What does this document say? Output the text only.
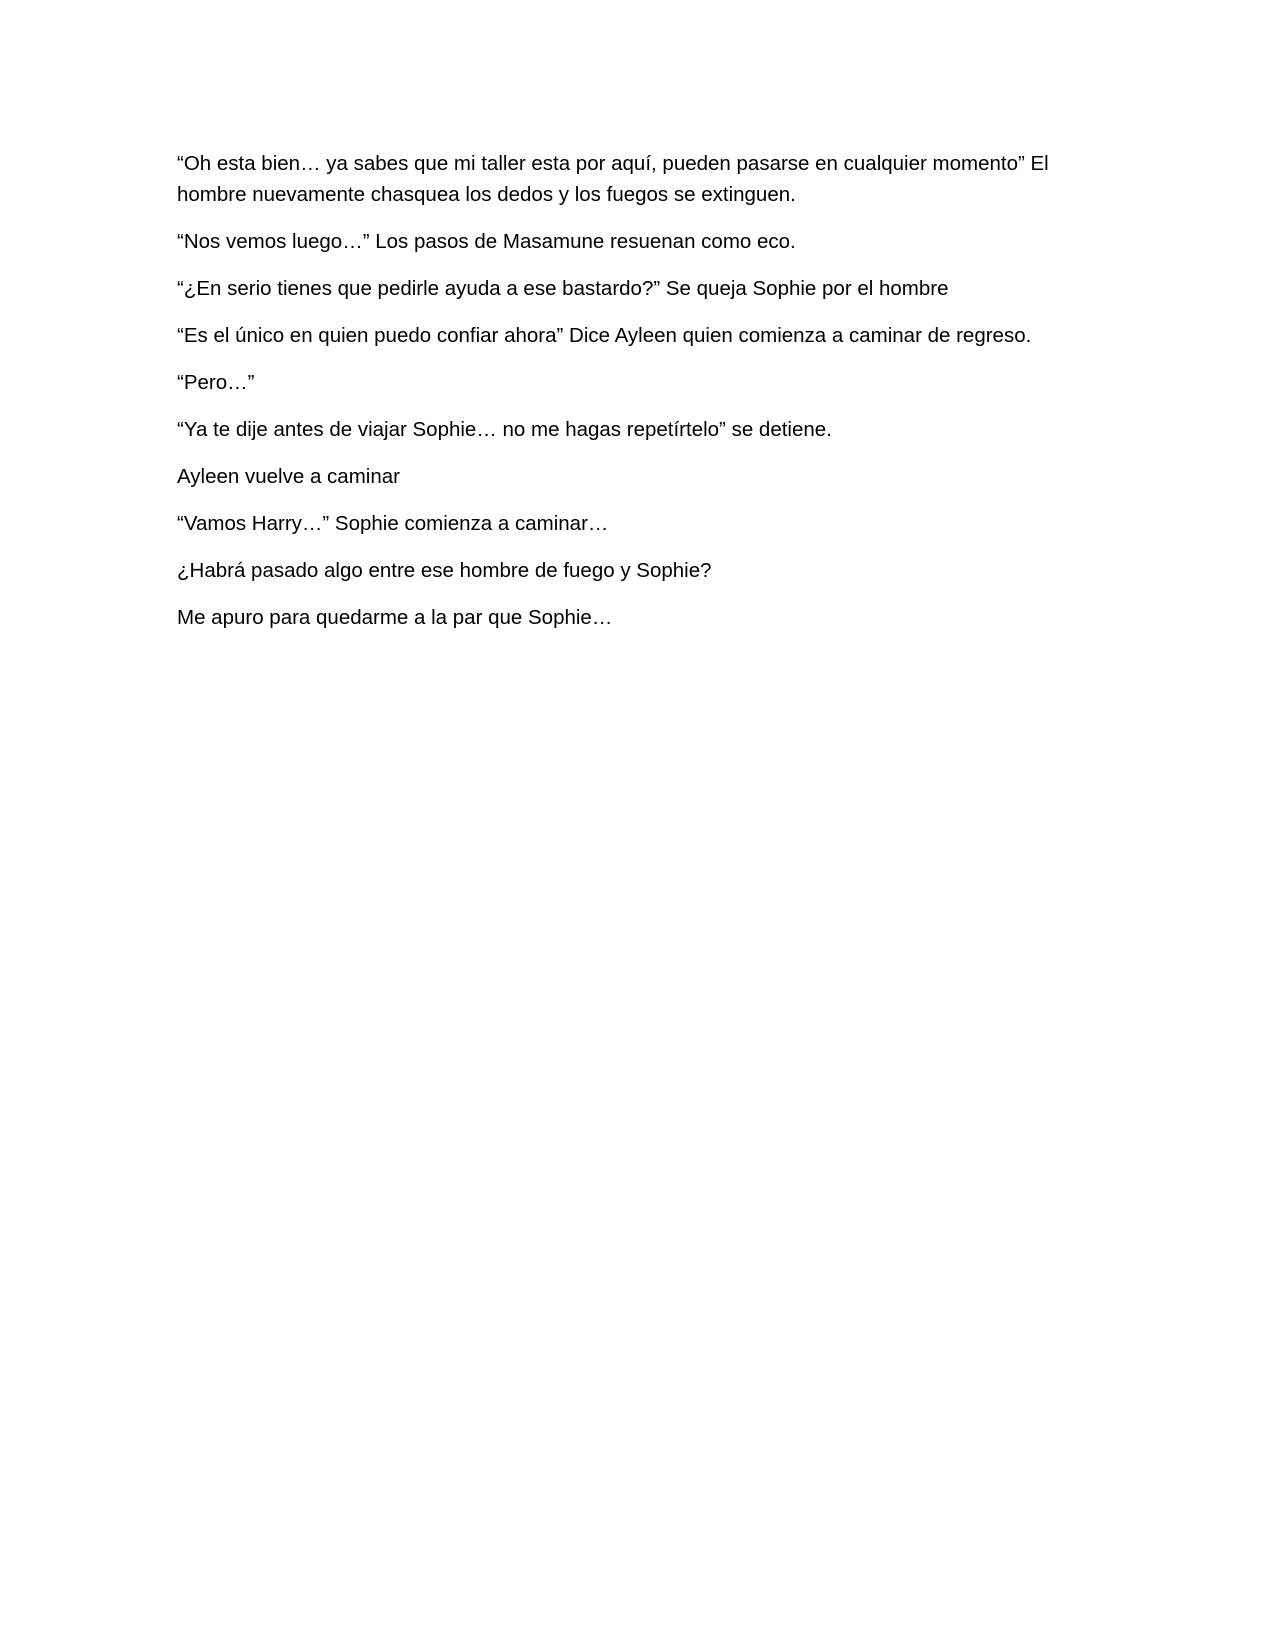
“Oh esta bien… ya sabes que mi taller esta por aquí, pueden pasarse en cualquier momento” El hombre nuevamente chasquea los dedos y los fuegos se extinguen.

“Nos vemos luego…” Los pasos de Masamune resuenan como eco.

“¿En serio tienes que pedirle ayuda a ese bastardo?” Se queja Sophie por el hombre

“Es el único en quien puedo confiar ahora” Dice Ayleen quien comienza a caminar de regreso.

“Pero…”

“Ya te dije antes de viajar Sophie… no me hagas repetírtelo” se detiene.

Ayleen vuelve a caminar

“Vamos Harry…” Sophie comienza a caminar…

¿Habrá pasado algo entre ese hombre de fuego y Sophie?

Me apuro para quedarme a la par que Sophie…
